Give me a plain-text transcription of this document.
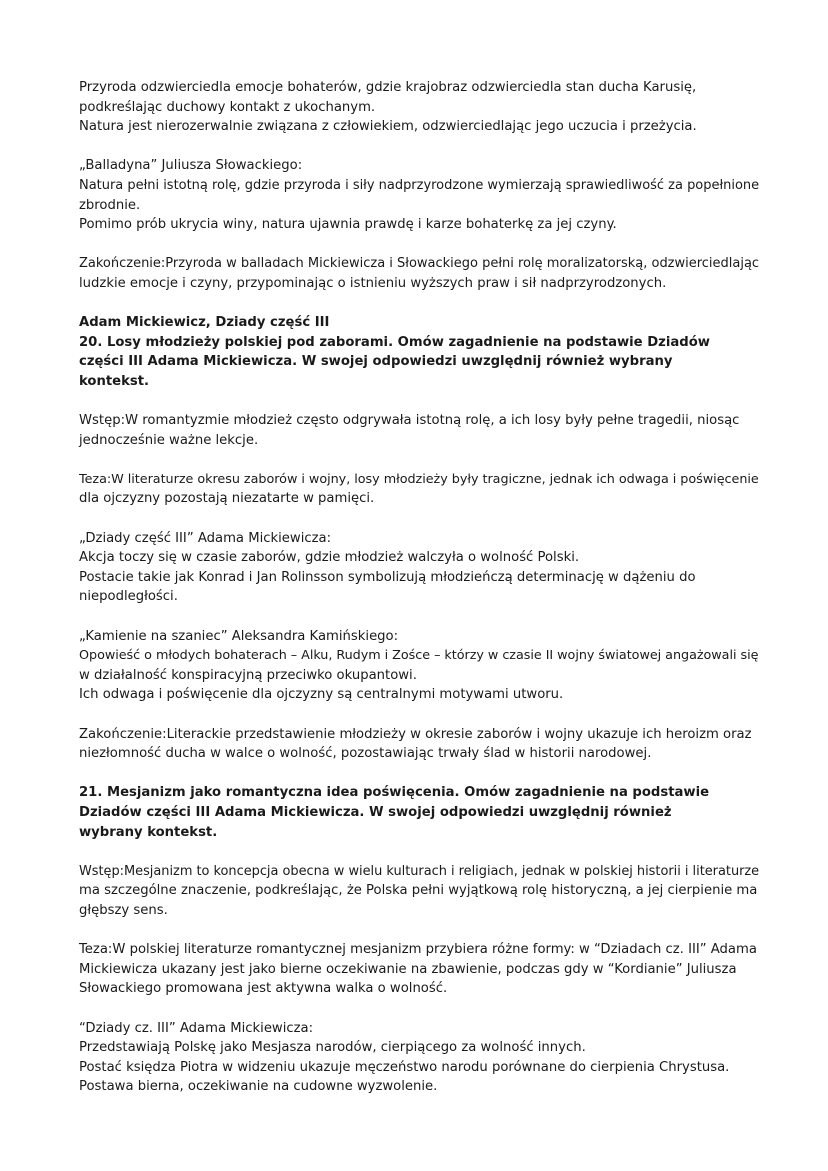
Przyroda odzwierciedla emocje bohaterów, gdzie krajobraz odzwierciedla stan ducha Karusię,
podkreślając duchowy kontakt z ukochanym.
Natura jest nierozerwalnie związana z człowiekiem, odzwierciedlając jego uczucia i przeżycia.
„Balladyna” Juliusza Słowackiego:
Natura pełni istotną rolę, gdzie przyroda i siły nadprzyrodzone wymierzają sprawiedliwość za popełnione
zbrodnie.
Pomimo prób ukrycia winy, natura ujawnia prawdę i karze bohaterkę za jej czyny.
Zakończenie:Przyroda w balladach Mickiewicza i Słowackiego pełni rolę moralizatorską, odzwierciedlając
ludzkie emocje i czyny, przypominając o istnieniu wyższych praw i sił nadprzyrodzonych.
Adam Mickiewicz, Dziady część III
20. Losy młodzieży polskiej pod zaborami. Omów zagadnienie na podstawie Dziadów
części III Adama Mickiewicza. W swojej odpowiedzi uwzględnij również wybrany
kontekst.
Wstęp:W romantyzmie młodzież często odgrywała istotną rolę, a ich losy były pełne tragedii, niosąc
jednocześnie ważne lekcje.
Teza:W literaturze okresu zaborów i wojny, losy młodzieży były tragiczne, jednak ich odwaga i poświęcenie
dla ojczyzny pozostają niezatarte w pamięci.
„Dziady część III” Adama Mickiewicza:
Akcja toczy się w czasie zaborów, gdzie młodzież walczyła o wolność Polski.
Postacie takie jak Konrad i Jan Rolinsson symbolizują młodzieńczą determinację w dążeniu do
niepodległości.
„Kamienie na szaniec” Aleksandra Kamińskiego:
Opowieść o młodych bohaterach – Alku, Rudym i Zośce – którzy w czasie II wojny światowej angażowali się
w działalność konspiracyjną przeciwko okupantowi.
Ich odwaga i poświęcenie dla ojczyzny są centralnymi motywami utworu.
Zakończenie:Literackie przedstawienie młodzieży w okresie zaborów i wojny ukazuje ich heroizm oraz
niezłomność ducha w walce o wolność, pozostawiając trwały ślad w historii narodowej.
21. Mesjanizm jako romantyczna idea poświęcenia. Omów zagadnienie na podstawie
Dziadów części III Adama Mickiewicza. W swojej odpowiedzi uwzględnij również
wybrany kontekst.
Wstęp:Mesjanizm to koncepcja obecna w wielu kulturach i religiach, jednak w polskiej historii i literaturze
ma szczególne znaczenie, podkreślając, że Polska pełni wyjątkową rolę historyczną, a jej cierpienie ma
głębszy sens.
Teza:W polskiej literaturze romantycznej mesjanizm przybiera różne formy: w “Dziadach cz. III” Adama
Mickiewicza ukazany jest jako bierne oczekiwanie na zbawienie, podczas gdy w “Kordianie” Juliusza
Słowackiego promowana jest aktywna walka o wolność.
“Dziady cz. III” Adama Mickiewicza:
Przedstawiają Polskę jako Mesjasza narodów, cierpiącego za wolność innych.
Postać księdza Piotra w widzeniu ukazuje męczeństwo narodu porównane do cierpienia Chrystusa.
Postawa bierna, oczekiwanie na cudowne wyzwolenie.
